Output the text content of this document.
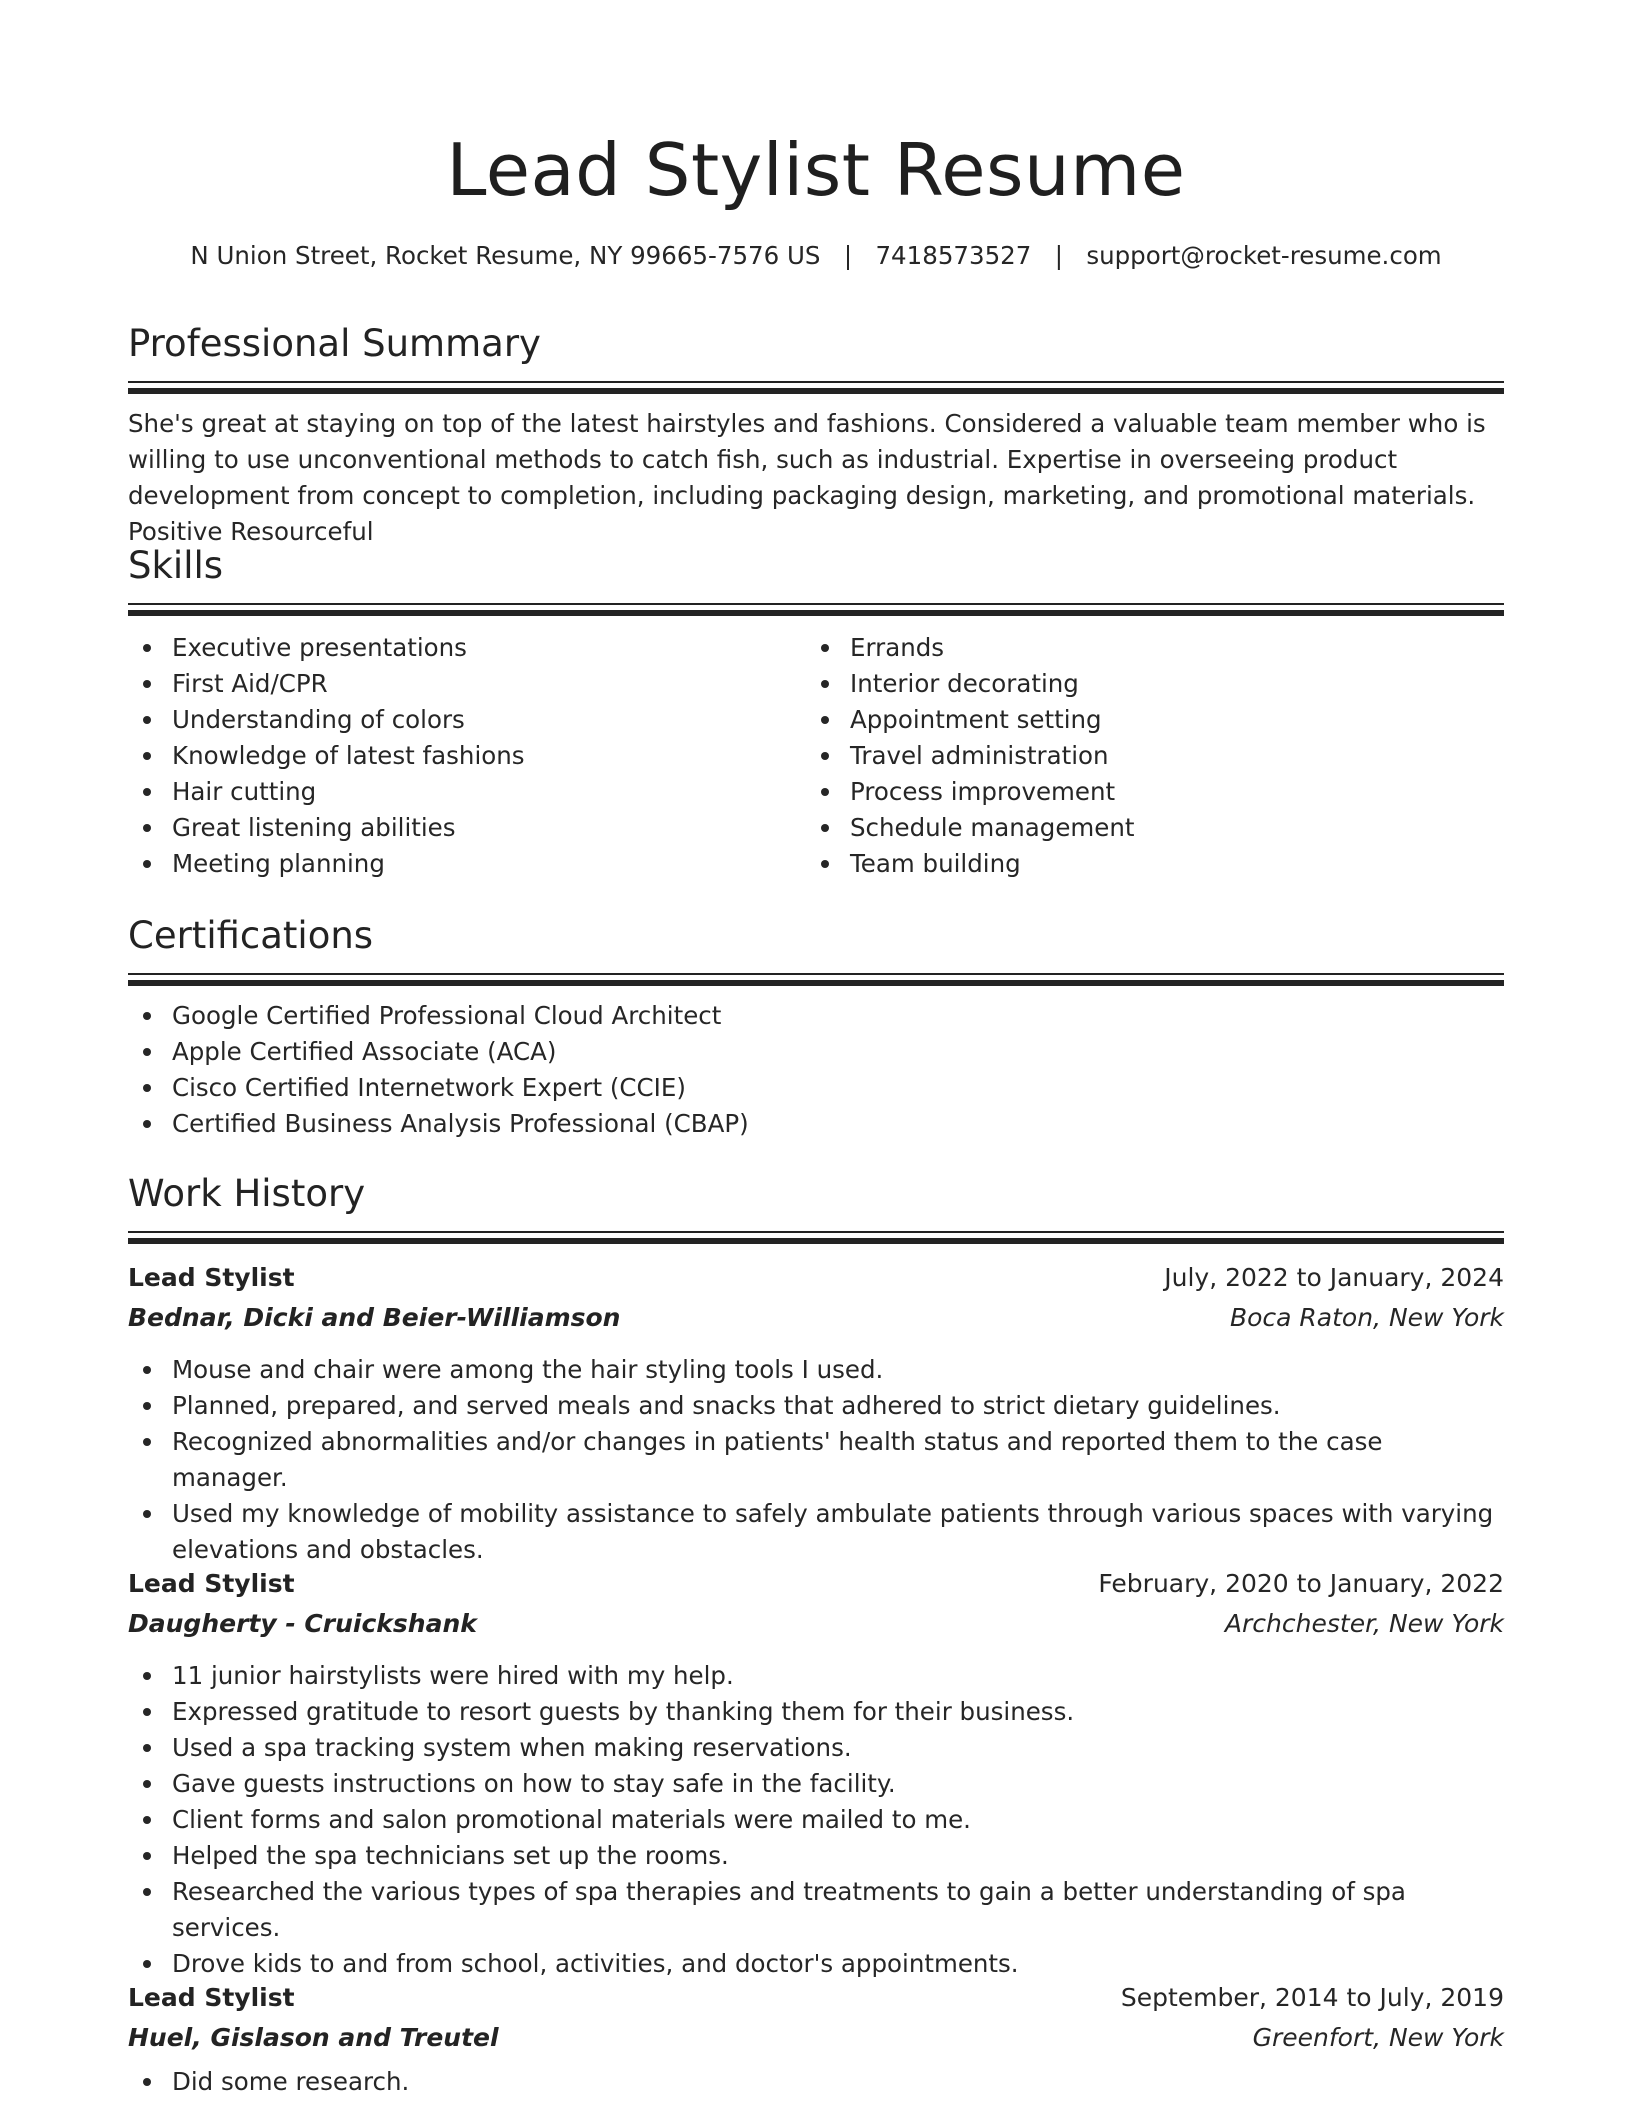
Lead Stylist Resume
N Union Street, Rocket Resume, NY 99665-7576 US   |   7418573527   |   support@rocket-resume.com
Professional Summary
She's great at staying on top of the latest hairstyles and fashions. Considered a valuable team member who is willing to use unconventional methods to catch fish, such as industrial. Expertise in overseeing product development from concept to completion, including packaging design, marketing, and promotional materials. Positive Resourceful
Skills
Executive presentations
First Aid/CPR
Understanding of colors
Knowledge of latest fashions
Hair cutting
Great listening abilities
Meeting planning
Errands
Interior decorating
Appointment setting
Travel administration
Process improvement
Schedule management
Team building
Certifications
Google Certified Professional Cloud Architect
Apple Certified Associate (ACA)
Cisco Certified Internetwork Expert (CCIE)
Certified Business Analysis Professional (CBAP)
Work History
Lead Stylist	July, 2022 to January, 2024
Bednar, Dicki and Beier-Williamson	Boca Raton, New York
Mouse and chair were among the hair styling tools I used.
Planned, prepared, and served meals and snacks that adhered to strict dietary guidelines.
Recognized abnormalities and/or changes in patients' health status and reported them to the case manager.
Used my knowledge of mobility assistance to safely ambulate patients through various spaces with varying elevations and obstacles.
Lead Stylist	February, 2020 to January, 2022
Daugherty - Cruickshank	Archchester, New York
11 junior hairstylists were hired with my help.
Expressed gratitude to resort guests by thanking them for their business.
Used a spa tracking system when making reservations.
Gave guests instructions on how to stay safe in the facility.
Client forms and salon promotional materials were mailed to me.
Helped the spa technicians set up the rooms.
Researched the various types of spa therapies and treatments to gain a better understanding of spa services.
Drove kids to and from school, activities, and doctor's appointments.
Lead Stylist	September, 2014 to July, 2019
Huel, Gislason and Treutel	Greenfort, New York
Did some research.
